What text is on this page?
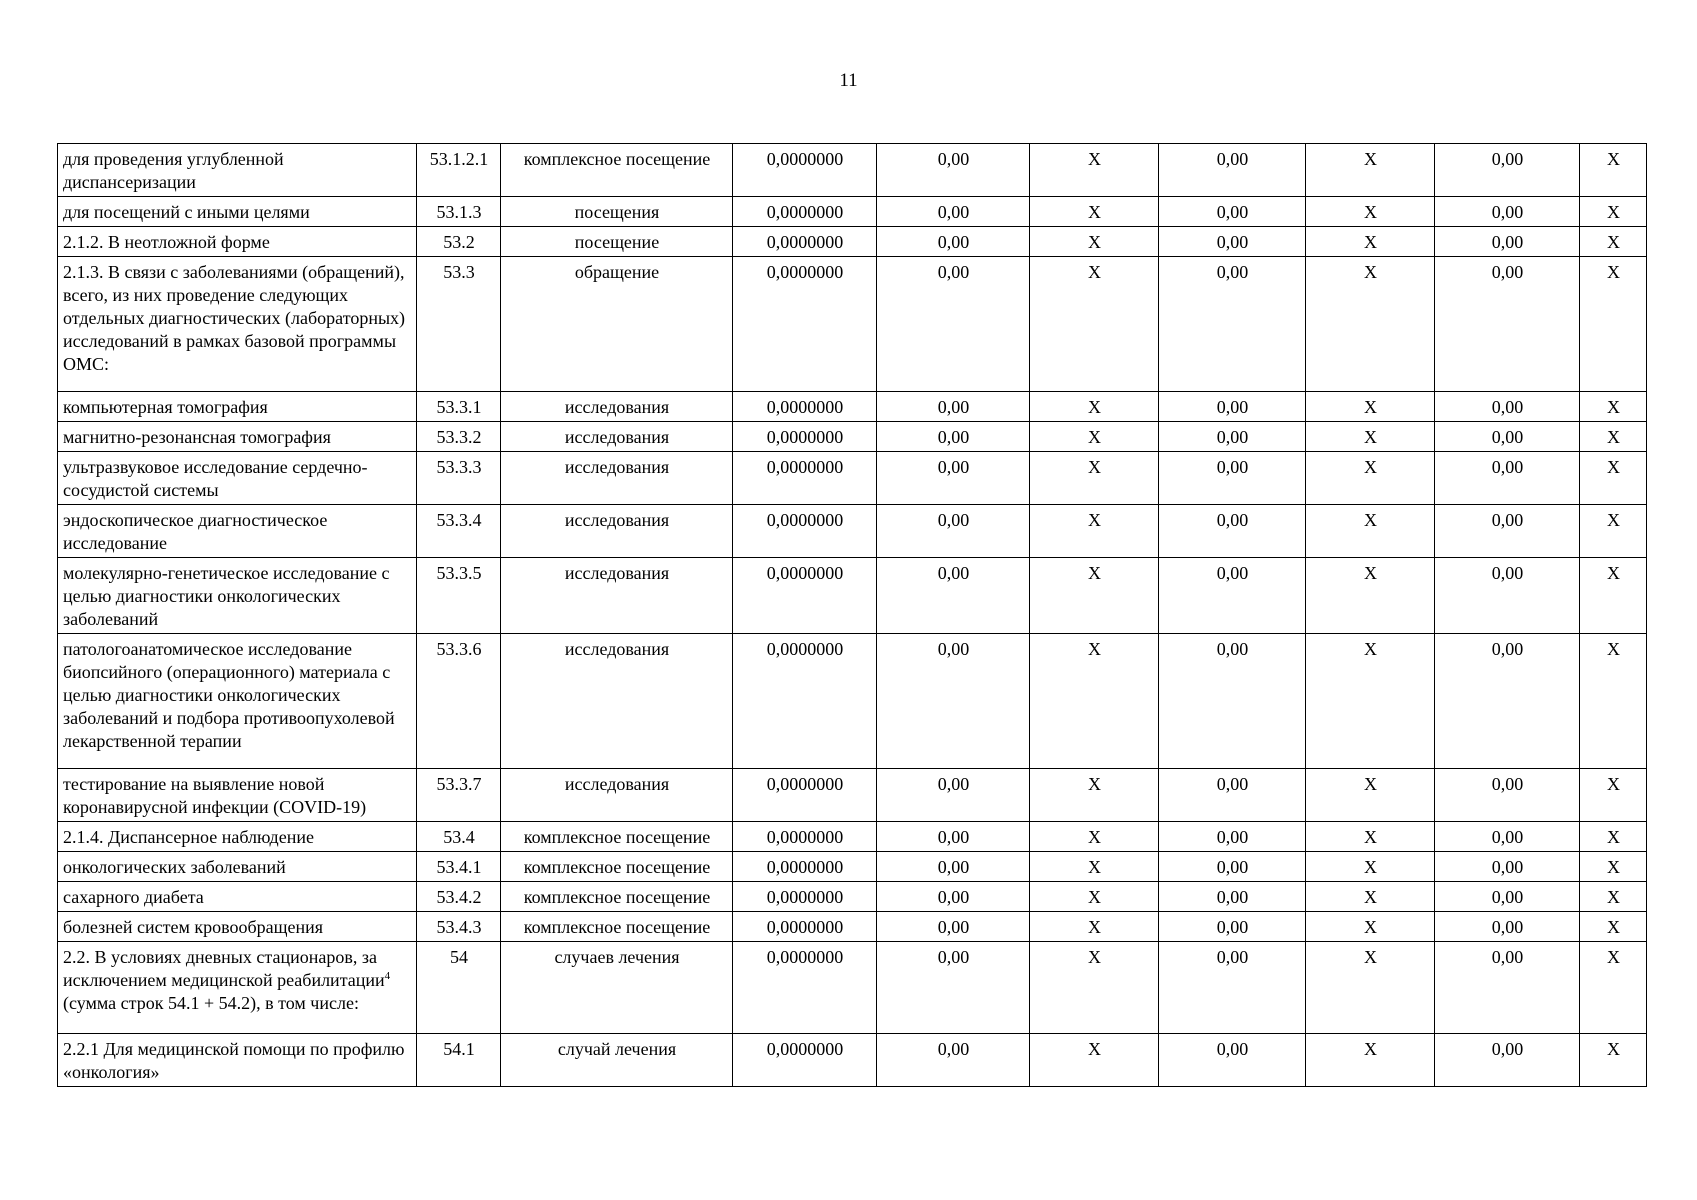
11
для проведения углубленной диспансеризации	53.1.2.1	комплексное посещение	0,0000000	0,00	Х	0,00	Х	0,00	Х
для посещений с иными целями	53.1.3	посещения	0,0000000	0,00	Х	0,00	Х	0,00	Х
2.1.2. В неотложной форме	53.2	посещение	0,0000000	0,00	Х	0,00	Х	0,00	Х
2.1.3. В связи с заболеваниями (обращений), всего, из них проведение следующих отдельных диагностических (лабораторных) исследований в рамках базовой программы ОМС:	53.3	обращение	0,0000000	0,00	Х	0,00	Х	0,00	Х
компьютерная томография	53.3.1	исследования	0,0000000	0,00	Х	0,00	Х	0,00	Х
магнитно-резонансная томография	53.3.2	исследования	0,0000000	0,00	Х	0,00	Х	0,00	Х
ультразвуковое исследование сердечно-сосудистой системы	53.3.3	исследования	0,0000000	0,00	Х	0,00	Х	0,00	Х
эндоскопическое диагностическое исследование	53.3.4	исследования	0,0000000	0,00	Х	0,00	Х	0,00	Х
молекулярно-генетическое исследование с целью диагностики онкологических заболеваний	53.3.5	исследования	0,0000000	0,00	Х	0,00	Х	0,00	Х
патологоанатомическое исследование биопсийного (операционного) материала с целью диагностики онкологических заболеваний и подбора противоопухолевой лекарственной терапии	53.3.6	исследования	0,0000000	0,00	Х	0,00	Х	0,00	Х
тестирование на выявление новой коронавирусной инфекции (COVID-19)	53.3.7	исследования	0,0000000	0,00	Х	0,00	Х	0,00	Х
2.1.4. Диспансерное наблюдение	53.4	комплексное посещение	0,0000000	0,00	Х	0,00	Х	0,00	Х
онкологических заболеваний	53.4.1	комплексное посещение	0,0000000	0,00	Х	0,00	Х	0,00	Х
сахарного диабета	53.4.2	комплексное посещение	0,0000000	0,00	Х	0,00	Х	0,00	Х
болезней систем кровообращения	53.4.3	комплексное посещение	0,0000000	0,00	Х	0,00	Х	0,00	Х
2.2. В условиях дневных стационаров, за исключением медицинской реабилитации$^4$ (сумма строк 54.1 + 54.2), в том числе:	54	случаев лечения	0,0000000	0,00	Х	0,00	Х	0,00	Х
2.2.1 Для медицинской помощи по профилю «онкология»	54.1	случай лечения	0,0000000	0,00	Х	0,00	Х	0,00	Х
